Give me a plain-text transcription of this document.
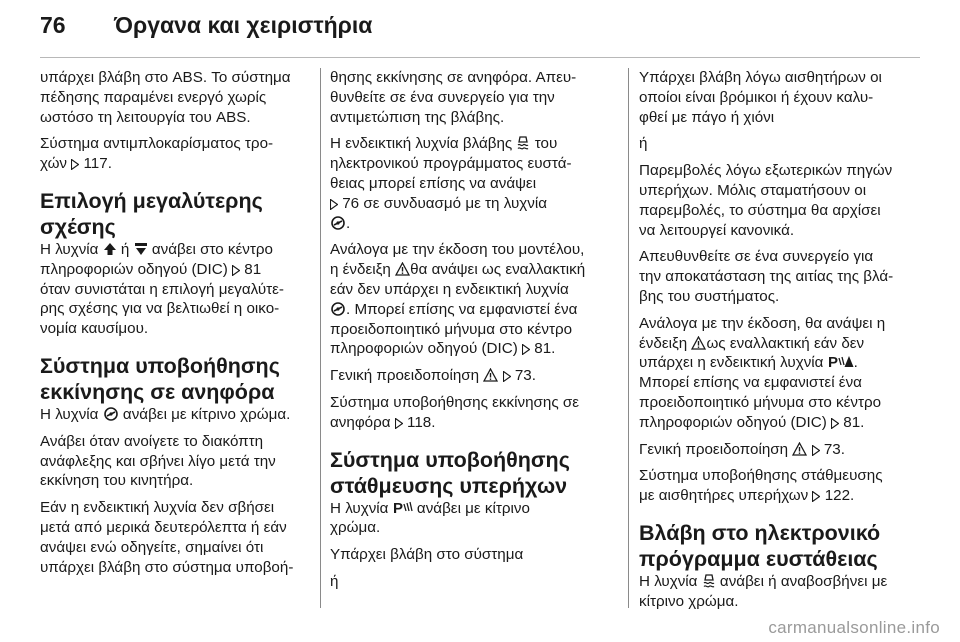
76 Όργανα και χειριστήρια
υπάρχει βλάβη στο ABS. Το σύστημα
πέδησης παραμένει ενεργό χωρίς
ωστόσο τη λειτουργία του ABS.
Σύστημα αντιμπλοκαρίσματος τρο-
χών 117.
Επιλογή μεγαλύτερης
σχέσης
Η λυχνία ή ανάβει στο κέντρο
πληροφοριών οδηγού (DIC) 81
όταν συνιστάται η επιλογή μεγαλύτε-
ρης σχέσης για να βελτιωθεί η οικο-
νομία καυσίμου.
Σύστημα υποβοήθησης
εκκίνησης σε ανηφόρα
Η λυχνία ανάβει με κίτρινο χρώμα.
Ανάβει όταν ανοίγετε το διακόπτη
ανάφλεξης και σβήνει λίγο μετά την
εκκίνηση του κινητήρα.
Εάν η ενδεικτική λυχνία δεν σβήσει
μετά από μερικά δευτερόλεπτα ή εάν
ανάψει ενώ οδηγείτε, σημαίνει ότι
υπάρχει βλάβη στο σύστημα υποβοή-
θησης εκκίνησης σε ανηφόρα. Απευ-
θυνθείτε σε ένα συνεργείο για την
αντιμετώπιση της βλάβης.
Η ενδεικτική λυχνία βλάβης του
ηλεκτρονικού προγράμματος ευστά-
θειας μπορεί επίσης να ανάψει
76 σε συνδυασμό με τη λυχνία
.
Ανάλογα με την έκδοση του μοντέλου,
η ένδειξη θα ανάψει ως εναλλακτική
εάν δεν υπάρχει η ενδεικτική λυχνία
. Μπορεί επίσης να εμφανιστεί ένα
προειδοποιητικό μήνυμα στο κέντρο
πληροφοριών οδηγού (DIC) 81.
Γενική προειδοποίηση
73.
Σύστημα υποβοήθησης εκκίνησης σε
ανηφόρα 118.
Σύστημα υποβοήθησης
στάθμευσης υπερήχων
Η λυχνία P ανάβει με κίτρινο
χρώμα.
Υπάρχει βλάβη στο σύστημα
ή
Υπάρχει βλάβη λόγω αισθητήρων οι
οποίοι είναι βρόμικοι ή έχουν καλυ-
φθεί με πάγο ή χιόνι
ή
Παρεμβολές λόγω εξωτερικών πηγών
υπερήχων. Μόλις σταματήσουν οι
παρεμβολές, το σύστημα θα αρχίσει
να λειτουργεί κανονικά.
Απευθυνθείτε σε ένα συνεργείο για
την αποκατάσταση της αιτίας της βλά-
βης του συστήματος.
Ανάλογα με την έκδοση, θα ανάψει η
ένδειξη ως εναλλακτική εάν δεν
υπάρχει η ενδεικτική λυχνία P .
Μπορεί επίσης να εμφανιστεί ένα
προειδοποιητικό μήνυμα στο κέντρο
πληροφοριών οδηγού (DIC) 81.
Γενική προειδοποίηση
73.
Σύστημα υποβοήθησης στάθμευσης
με αισθητήρες υπερήχων 122.
Βλάβη στο ηλεκτρονικό
πρόγραμμα ευστάθειας
Η λυχνία ανάβει ή αναβοσβήνει με
κίτρινο χρώμα.
carmanualsonline.info
